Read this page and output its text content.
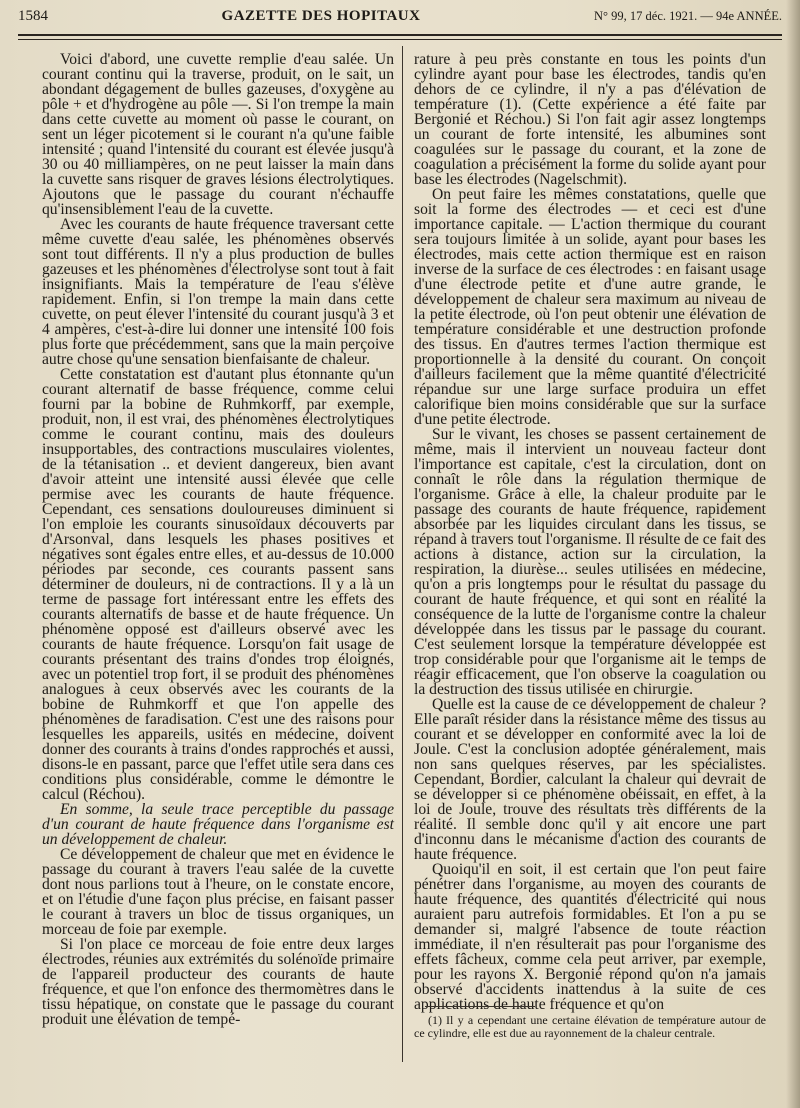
1584	GAZETTE DES HOPITAUX	N° 99, 17 déc. 1921. — 94e ANNÉE.

Voici d'abord, une cuvette remplie d'eau salée. Un courant continu qui la traverse, produit, on le sait, un abondant dégagement de bulles gazeuses, d'oxygène au pôle + et d'hydrogène au pôle —. Si l'on trempe la main dans cette cuvette au moment où passe le courant, on sent un léger picotement si le courant n'a qu'une faible intensité ; quand l'intensité du courant est élevée jusqu'à 30 ou 40 milliampères, on ne peut laisser la main dans la cuvette sans risquer de graves lésions électrolytiques. Ajoutons que le passage du courant n'échauffe qu'insensiblement l'eau de la cuvette.

Avec les courants de haute fréquence traversant cette même cuvette d'eau salée, les phénomènes observés sont tout différents. Il n'y a plus production de bulles gazeuses et les phénomènes d'électrolyse sont tout à fait insignifiants. Mais la température de l'eau s'élève rapidement. Enfin, si l'on trempe la main dans cette cuvette, on peut élever l'intensité du courant jusqu'à 3 et 4 ampères, c'est-à-dire lui donner une intensité 100 fois plus forte que précédemment, sans que la main perçoive autre chose qu'une sensation bienfaisante de chaleur.

Cette constatation est d'autant plus étonnante qu'un courant alternatif de basse fréquence, comme celui fourni par la bobine de Ruhmkorff, par exemple, produit, non, il est vrai, des phénomènes électrolytiques comme le courant continu, mais des douleurs insupportables, des contractions musculaires violentes, de la tétanisation .. et devient dangereux, bien avant d'avoir atteint une intensité aussi élevée que celle permise avec les courants de haute fréquence. Cependant, ces sensations douloureuses diminuent si l'on emploie les courants sinusoïdaux découverts par d'Arsonval, dans lesquels les phases positives et négatives sont égales entre elles, et au-dessus de 10.000 périodes par seconde, ces courants passent sans déterminer de douleurs, ni de contractions. Il y a là un terme de passage fort intéressant entre les effets des courants alternatifs de basse et de haute fréquence. Un phénomène opposé est d'ailleurs observé avec les courants de haute fréquence. Lorsqu'on fait usage de courants présentant des trains d'ondes trop éloignés, avec un potentiel trop fort, il se produit des phénomènes analogues à ceux observés avec les courants de la bobine de Ruhmkorff et que l'on appelle des phénomènes de faradisation. C'est une des raisons pour lesquelles les appareils, usités en médecine, doivent donner des courants à trains d'ondes rapprochés et aussi, disons-le en passant, parce que l'effet utile sera dans ces conditions plus considérable, comme le démontre le calcul (Réchou).

En somme, la seule trace perceptible du passage d'un courant de haute fréquence dans l'organisme est un développement de chaleur.

Ce développement de chaleur que met en évidence le passage du courant à travers l'eau salée de la cuvette dont nous parlions tout à l'heure, on le constate encore, et on l'étudie d'une façon plus précise, en faisant passer le courant à travers un bloc de tissus organiques, un morceau de foie par exemple.

Si l'on place ce morceau de foie entre deux larges électrodes, réunies aux extrémités du solénoïde primaire de l'appareil producteur des courants de haute fréquence, et que l'on enfonce des thermomètres dans le tissu hépatique, on constate que le passage du courant produit une élévation de tempé-

rature à peu près constante en tous les points d'un cylindre ayant pour base les électrodes, tandis qu'en dehors de ce cylindre, il n'y a pas d'élévation de température (1). (Cette expérience a été faite par Bergonié et Réchou.) Si l'on fait agir assez longtemps un courant de forte intensité, les albumines sont coagulées sur le passage du courant, et la zone de coagulation a précisément la forme du solide ayant pour base les électrodes (Nagelschmit).

On peut faire les mêmes constatations, quelle que soit la forme des électrodes — et ceci est d'une importance capitale. — L'action thermique du courant sera toujours limitée à un solide, ayant pour bases les électrodes, mais cette action thermique est en raison inverse de la surface de ces électrodes : en faisant usage d'une électrode petite et d'une autre grande, le développement de chaleur sera maximum au niveau de la petite électrode, où l'on peut obtenir une élévation de température considérable et une destruction profonde des tissus. En d'autres termes l'action thermique est proportionnelle à la densité du courant. On conçoit d'ailleurs facilement que la même quantité d'électricité répandue sur une large surface produira un effet calorifique bien moins considérable que sur la surface d'une petite électrode.

Sur le vivant, les choses se passent certainement de même, mais il intervient un nouveau facteur dont l'importance est capitale, c'est la circulation, dont on connaît le rôle dans la régulation thermique de l'organisme. Grâce à elle, la chaleur produite par le passage des courants de haute fréquence, rapidement absorbée par les liquides circulant dans les tissus, se répand à travers tout l'organisme. Il résulte de ce fait des actions à distance, action sur la circulation, la respiration, la diurèse... seules utilisées en médecine, qu'on a pris longtemps pour le résultat du passage du courant de haute fréquence, et qui sont en réalité la conséquence de la lutte de l'organisme contre la chaleur développée dans les tissus par le passage du courant. C'est seulement lorsque la température développée est trop considérable pour que l'organisme ait le temps de réagir efficacement, que l'on observe la coagulation ou la destruction des tissus utilisée en chirurgie.

Quelle est la cause de ce développement de chaleur ? Elle paraît résider dans la résistance même des tissus au courant et se développer en conformité avec la loi de Joule. C'est la conclusion adoptée généralement, mais non sans quelques réserves, par les spécialistes. Cependant, Bordier, calculant la chaleur qui devrait de se développer si ce phénomène obéissait, en effet, à la loi de Joule, trouve des résultats très différents de la réalité. Il semble donc qu'il y ait encore une part d'inconnu dans le mécanisme d'action des courants de haute fréquence.

Quoiqu'il en soit, il est certain que l'on peut faire pénétrer dans l'organisme, au moyen des courants de haute fréquence, des quantités d'électricité qui nous auraient paru autrefois formidables. Et l'on a pu se demander si, malgré l'absence de toute réaction immédiate, il n'en résulterait pas pour l'organisme des effets fâcheux, comme cela peut arriver, par exemple, pour les rayons X. Bergonié répond qu'on n'a jamais observé d'accidents inattendus à la suite de ces applications de haute fréquence et qu'on

(1) Il y a cependant une certaine élévation de température autour de ce cylindre, elle est due au rayonnement de la chaleur centrale.
